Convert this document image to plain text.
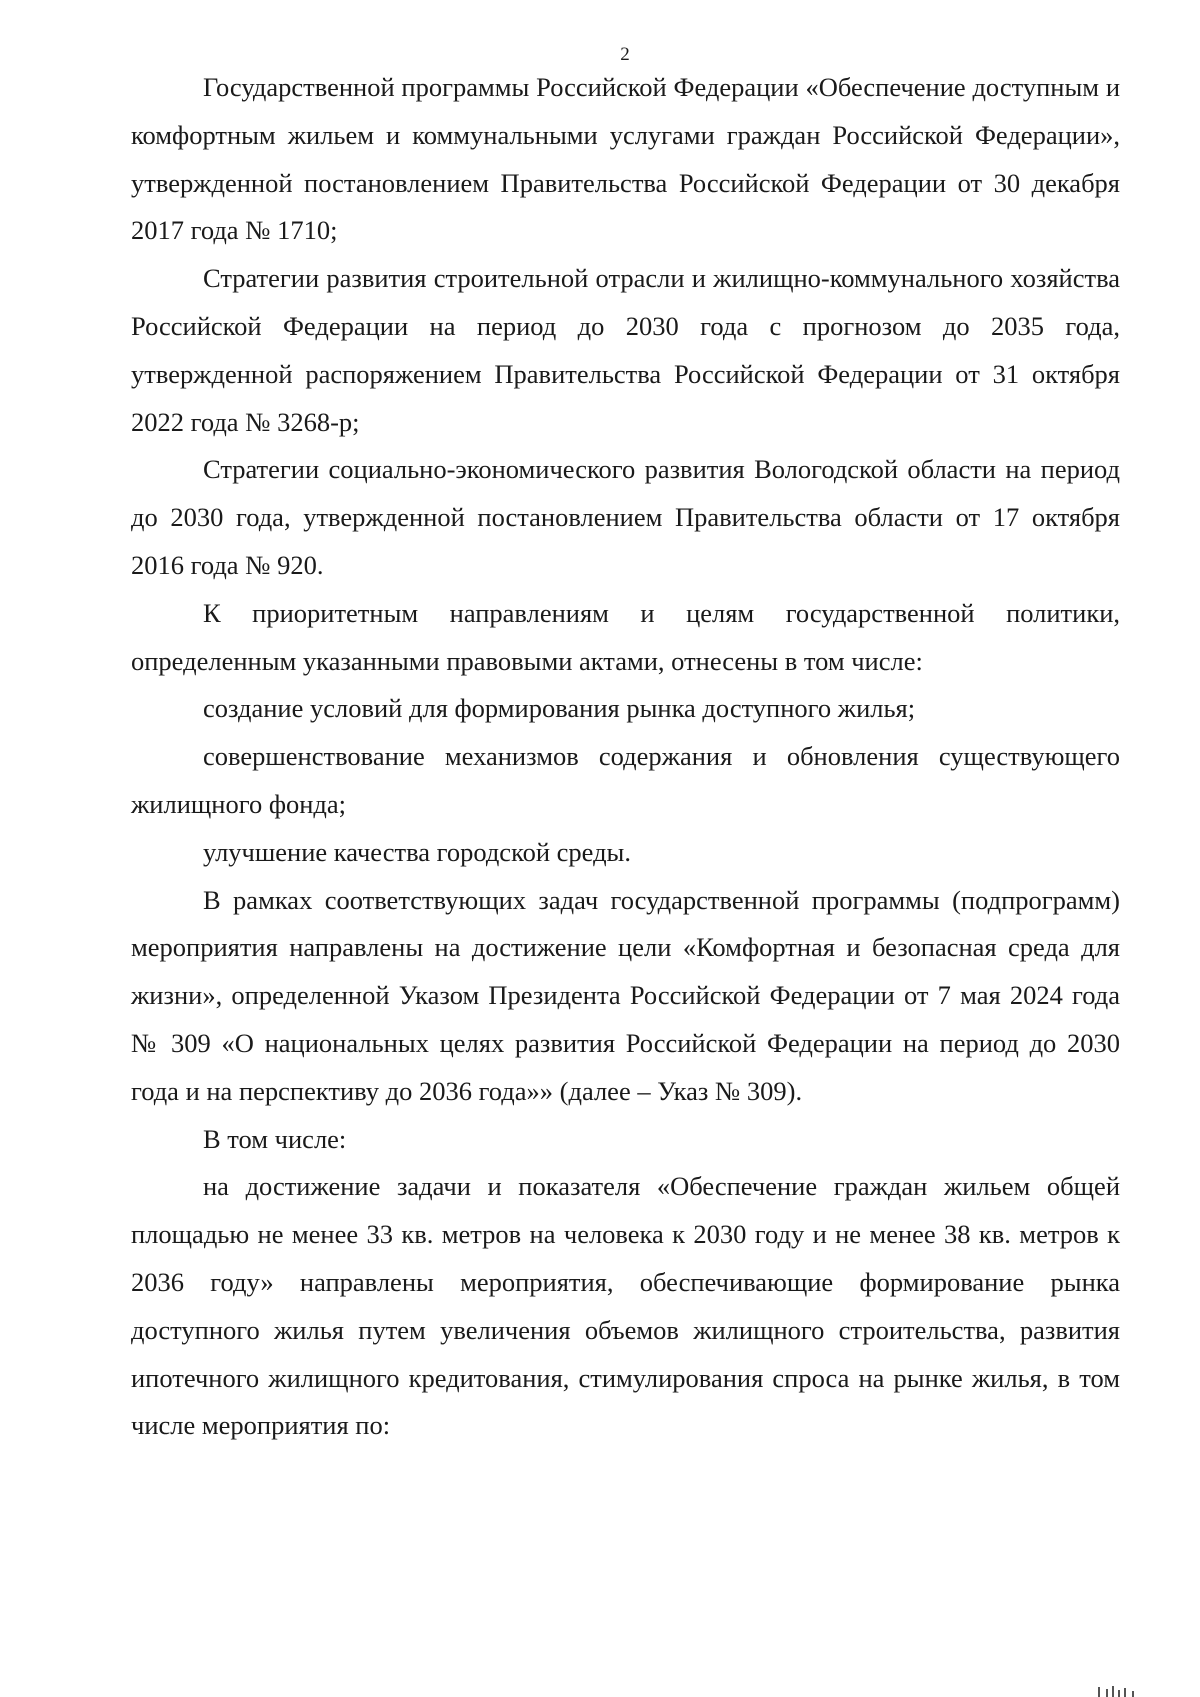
2

Государственной программы Российской Федерации «Обеспечение доступным и комфортным жильем и коммунальными услугами граждан Российской Федерации», утвержденной постановлением Правительства Российской Федерации от 30 декабря 2017 года № 1710;

Стратегии развития строительной отрасли и жилищно-коммунального хозяйства Российской Федерации на период до 2030 года с прогнозом до 2035 года, утвержденной распоряжением Правительства Российской Федерации от 31 октября 2022 года № 3268-р;

Стратегии социально-экономического развития Вологодской области на период до 2030 года, утвержденной постановлением Правительства области от 17 октября 2016 года № 920.

К приоритетным направлениям и целям государственной политики, определенным указанными правовыми актами, отнесены в том числе:

создание условий для формирования рынка доступного жилья;

совершенствование механизмов содержания и обновления существующего жилищного фонда;

улучшение качества городской среды.

В рамках соответствующих задач государственной программы (подпрограмм) мероприятия направлены на достижение цели «Комфортная и безопасная среда для жизни», определенной Указом Президента Российской Федерации от 7 мая 2024 года № 309 «О национальных целях развития Российской Федерации на период до 2030 года и на перспективу до 2036 года»» (далее – Указ № 309).

В том числе:

на достижение задачи и показателя «Обеспечение граждан жильем общей площадью не менее 33 кв. метров на человека к 2030 году и не менее 38 кв. метров к 2036 году» направлены мероприятия, обеспечивающие формирование рынка доступного жилья путем увеличения объемов жилищного строительства, развития ипотечного жилищного кредитования, стимулирования спроса на рынке жилья, в том числе мероприятия по:
